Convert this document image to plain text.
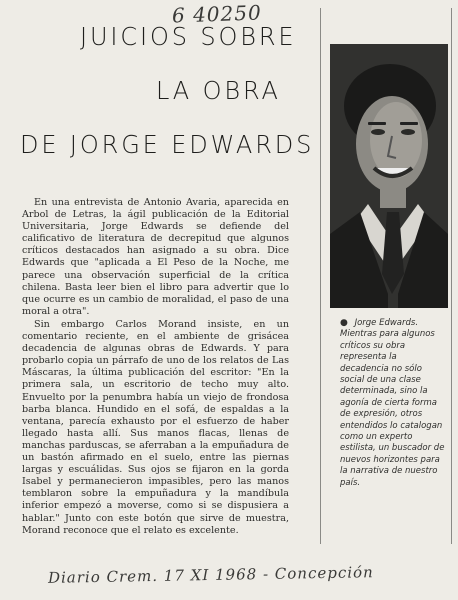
6 40250
JUICIOS SOBRE
LA OBRA
DE JORGE EDWARDS

En una entrevista de Antonio Avaria, aparecida en Arbol de Letras, la ágil publicación de la Editorial Universitaria, Jorge Edwards se defiende del calificativo de literatura de decrepitud que algunos críticos destacados han asignado a su obra. Dice Edwards que "aplicada a El Peso de la Noche, me parece una observación superficial de la crítica chilena. Basta leer bien el libro para advertir que lo que ocurre es un cambio de moralidad, el paso de una moral a otra".

Sin embargo Carlos Morand insiste, en un comentario reciente, en el ambiente de grisácea decadencia de algunas obras de Edwards. Y para probarlo copia un párrafo de uno de los relatos de Las Máscaras, la última publicación del escritor: "En la primera sala, un escritorio de techo muy alto. Envuelto por la penumbra había un viejo de frondosa barba blanca. Hundido en el sofá, de espaldas a la ventana, parecía exhausto por el esfuerzo de haber llegado hasta allí. Sus manos flacas, llenas de manchas parduscas, se aferraban a la empuñadura de un bastón afirmado en el suelo, entre las piernas largas y escuálidas. Sus ojos se fijaron en la gorda Isabel y permanecieron impasibles, pero las manos temblaron sobre la empuñadura y la mandíbula inferior empezó a moverse, como si se dispusiera a hablar." Junto con este botón que sirve de muestra, Morand reconoce que el relato es excelente.

● Jorge Edwards. Mientras para algunos críticos su obra representa la decadencia no sólo social de una clase determinada, sino la agonía de cierta forma de expresión, otros entendidos lo catalogan como un experto estilista, un buscador de nuevos horizontes para la narrativa de nuestro país.
Diario Crem. 17 XI 1968 - Concepción
